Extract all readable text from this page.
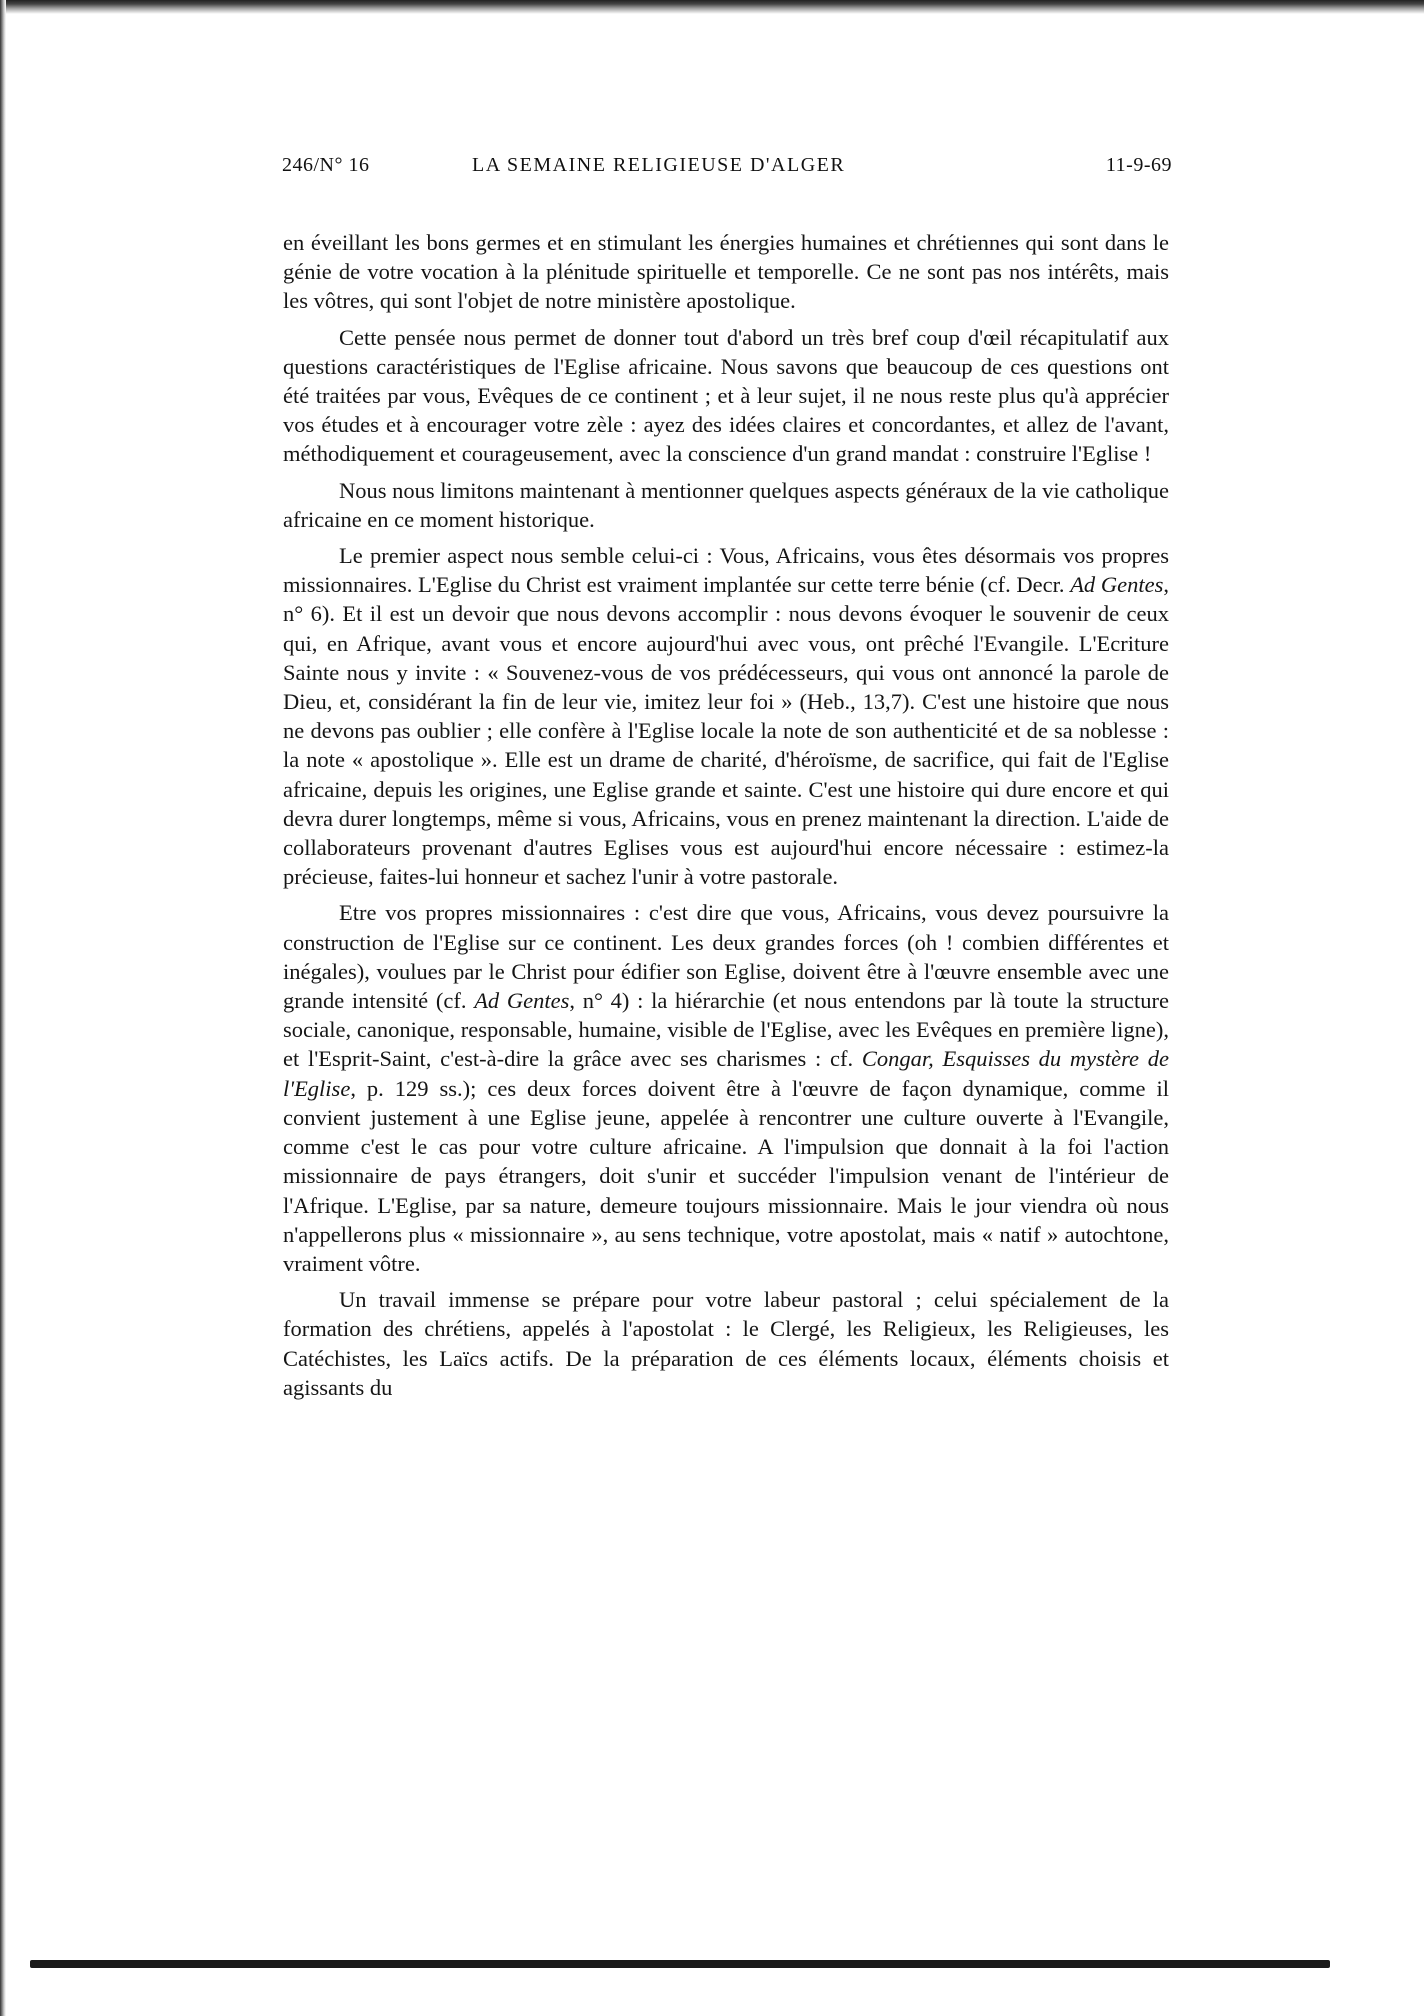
246/N° 16	LA SEMAINE RELIGIEUSE D'ALGER	11-9-69

en éveillant les bons germes et en stimulant les énergies humaines et chrétiennes qui sont dans le génie de votre vocation à la plénitude spirituelle et temporelle. Ce ne sont pas nos intérêts, mais les vôtres, qui sont l'objet de notre ministère apostolique.

Cette pensée nous permet de donner tout d'abord un très bref coup d'œil récapitulatif aux questions caractéristiques de l'Eglise africaine. Nous savons que beaucoup de ces questions ont été traitées par vous, Evêques de ce continent ; et à leur sujet, il ne nous reste plus qu'à apprécier vos études et à encourager votre zèle : ayez des idées claires et concordantes, et allez de l'avant, méthodiquement et courageusement, avec la conscience d'un grand mandat : construire l'Eglise !

Nous nous limitons maintenant à mentionner quelques aspects généraux de la vie catholique africaine en ce moment historique.

Le premier aspect nous semble celui-ci : Vous, Africains, vous êtes désormais vos propres missionnaires. L'Eglise du Christ est vraiment implantée sur cette terre bénie (cf. Decr. Ad Gentes, n° 6). Et il est un devoir que nous devons accomplir : nous devons évoquer le souvenir de ceux qui, en Afrique, avant vous et encore aujourd'hui avec vous, ont prêché l'Evangile. L'Ecriture Sainte nous y invite : « Souvenez-vous de vos prédécesseurs, qui vous ont annoncé la parole de Dieu, et, considérant la fin de leur vie, imitez leur foi » (Heb., 13,7). C'est une histoire que nous ne devons pas oublier ; elle confère à l'Eglise locale la note de son authenticité et de sa noblesse : la note « apostolique ». Elle est un drame de charité, d'héroïsme, de sacrifice, qui fait de l'Eglise africaine, depuis les origines, une Eglise grande et sainte. C'est une histoire qui dure encore et qui devra durer longtemps, même si vous, Africains, vous en prenez maintenant la direction. L'aide de collaborateurs provenant d'autres Eglises vous est aujourd'hui encore nécessaire : estimez-la précieuse, faites-lui honneur et sachez l'unir à votre pastorale.

Etre vos propres missionnaires : c'est dire que vous, Africains, vous devez poursuivre la construction de l'Eglise sur ce continent. Les deux grandes forces (oh ! combien différentes et inégales), voulues par le Christ pour édifier son Eglise, doivent être à l'œuvre ensemble avec une grande intensité (cf. Ad Gentes, n° 4) : la hiérarchie (et nous entendons par là toute la structure sociale, canonique, responsable, humaine, visible de l'Eglise, avec les Evêques en première ligne), et l'Esprit-Saint, c'est-à-dire la grâce avec ses charismes : cf. Congar, Esquisses du mystère de l'Eglise, p. 129 ss.); ces deux forces doivent être à l'œuvre de façon dynamique, comme il convient justement à une Eglise jeune, appelée à rencontrer une culture ouverte à l'Evangile, comme c'est le cas pour votre culture africaine. A l'impulsion que donnait à la foi l'action missionnaire de pays étrangers, doit s'unir et succéder l'impulsion venant de l'intérieur de l'Afrique. L'Eglise, par sa nature, demeure toujours missionnaire. Mais le jour viendra où nous n'appellerons plus « missionnaire », au sens technique, votre apostolat, mais « natif » autochtone, vraiment vôtre.

Un travail immense se prépare pour votre labeur pastoral ; celui spécialement de la formation des chrétiens, appelés à l'apostolat : le Clergé, les Religieux, les Religieuses, les Catéchistes, les Laïcs actifs. De la préparation de ces éléments locaux, éléments choisis et agissants du
